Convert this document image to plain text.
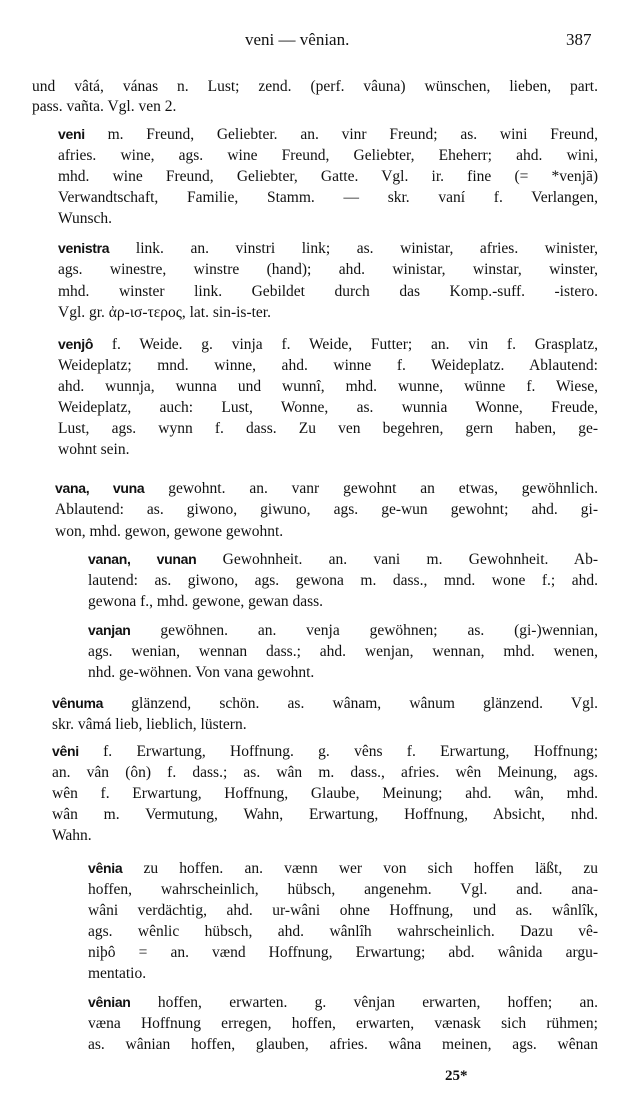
veni — vênian.	387
und vâtá, vánas n. Lust; zend. (perf. vâuna) wünschen, lieben, part.
pass. vañta. Vgl. ven 2.
veni m. Freund, Geliebter. an. vinr Freund; as. wini Freund,
afries. wine, ags. wine Freund, Geliebter, Eheherr; ahd. wini,
mhd. wine Freund, Geliebter, Gatte. Vgl. ir. fine (= *venjā)
Verwandtschaft, Familie, Stamm. — skr. vaní f. Verlangen,
Wunsch.
venistra link. an. vinstri link; as. winistar, afries. winister,
ags. winestre, winstre (hand); ahd. winistar, winstar, winster,
mhd. winster link. Gebildet durch das Komp.-suff. -istero.
Vgl. gr. ἀρ-ισ-τερος, lat. sin-is-ter.
venjô f. Weide. g. vinja f. Weide, Futter; an. vin f. Grasplatz,
Weideplatz; mnd. winne, ahd. winne f. Weideplatz. Ablautend:
ahd. wunnja, wunna und wunnî, mhd. wunne, wünne f. Wiese,
Weideplatz, auch: Lust, Wonne, as. wunnia Wonne, Freude,
Lust, ags. wynn f. dass. Zu ven begehren, gern haben, ge-
wohnt sein.
vana, vuna gewohnt. an. vanr gewohnt an etwas, gewöhnlich.
Ablautend: as. giwono, giwuno, ags. ge-wun gewohnt; ahd. gi-
won, mhd. gewon, gewone gewohnt.
vanan, vunan Gewohnheit. an. vani m. Gewohnheit. Ab-
lautend: as. giwono, ags. gewona m. dass., mnd. wone f.; ahd.
gewona f., mhd. gewone, gewan dass.
vanjan gewöhnen. an. venja gewöhnen; as. (gi-)wennian,
ags. wenian, wennan dass.; ahd. wenjan, wennan, mhd. wenen,
nhd. ge-wöhnen. Von vana gewohnt.
vênuma glänzend, schön. as. wânam, wânum glänzend. Vgl.
skr. vâmá lieb, lieblich, lüstern.
vêni f. Erwartung, Hoffnung. g. vêns f. Erwartung, Hoffnung;
an. vân (ôn) f. dass.; as. wân m. dass., afries. wên Meinung, ags.
wên f. Erwartung, Hoffnung, Glaube, Meinung; ahd. wân, mhd.
wân m. Vermutung, Wahn, Erwartung, Hoffnung, Absicht, nhd.
Wahn.
vênia zu hoffen. an. vænn wer von sich hoffen läßt, zu
hoffen, wahrscheinlich, hübsch, angenehm. Vgl. and. ana-
wâni verdächtig, ahd. ur-wâni ohne Hoffnung, und as. wânlîk,
ags. wênlic hübsch, ahd. wânlîh wahrscheinlich. Dazu vê-
niþô = an. vænd Hoffnung, Erwartung; abd. wânida argu-
mentatio.
vênian hoffen, erwarten. g. vênjan erwarten, hoffen; an.
væna Hoffnung erregen, hoffen, erwarten, vænask sich rühmen;
as. wânian hoffen, glauben, afries. wâna meinen, ags. wênan
25*
